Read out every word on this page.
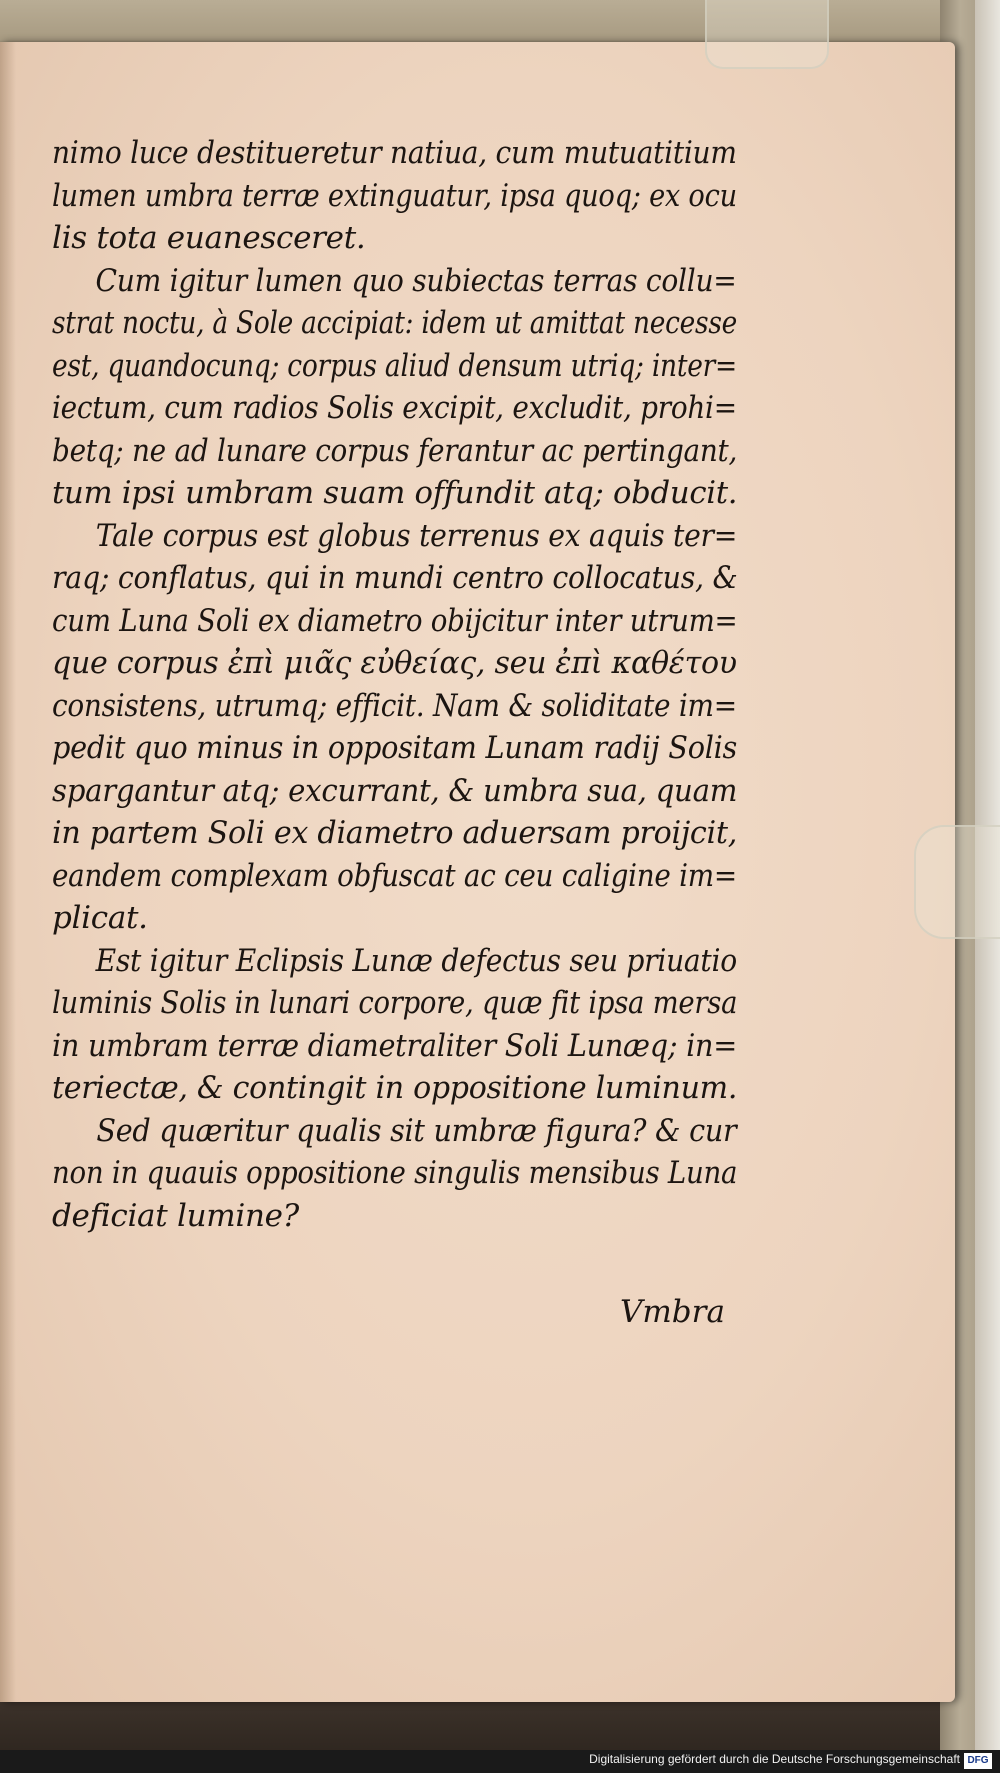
nimo luce destitueretur natiua, cum mutuatitium
lumen umbra terræ extinguatur, ipsa quoq; ex ocu
lis tota euanesceret.
Cum igitur lumen quo subiectas terras collu=
strat noctu, à Sole accipiat: idem ut amittat necesse
est, quandocunq; corpus aliud densum utriq; inter=
iectum, cum radios Solis excipit, excludit, prohi=
betq; ne ad lunare corpus ferantur ac pertingant,
tum ipsi umbram suam offundit atq; obducit.
Tale corpus est globus terrenus ex aquis ter=
raq; conflatus, qui in mundi centro collocatus, &
cum Luna Soli ex diametro obijcitur inter utrum=
que corpus ἐπὶ μιᾶς εὐθείας, seu ἐπὶ καθέτου
consistens, utrumq; efficit. Nam & soliditate im=
pedit quo minus in oppositam Lunam radij Solis
spargantur atq; excurrant, & umbra sua, quam
in partem Soli ex diametro aduersam proijcit,
eandem complexam obfuscat ac ceu caligine im=
plicat.
Est igitur Eclipsis Lunæ defectus seu priuatio
luminis Solis in lunari corpore, quæ fit ipsa mersa
in umbram terræ diametraliter Soli Lunæq; in=
teriectæ, & contingit in oppositione luminum.
Sed quæritur qualis sit umbræ figura? & cur
non in quauis oppositione singulis mensibus Luna
deficiat lumine?
Vmbra
Digitalisierung gefördert durch die Deutsche Forschungsgemeinschaft DFG
